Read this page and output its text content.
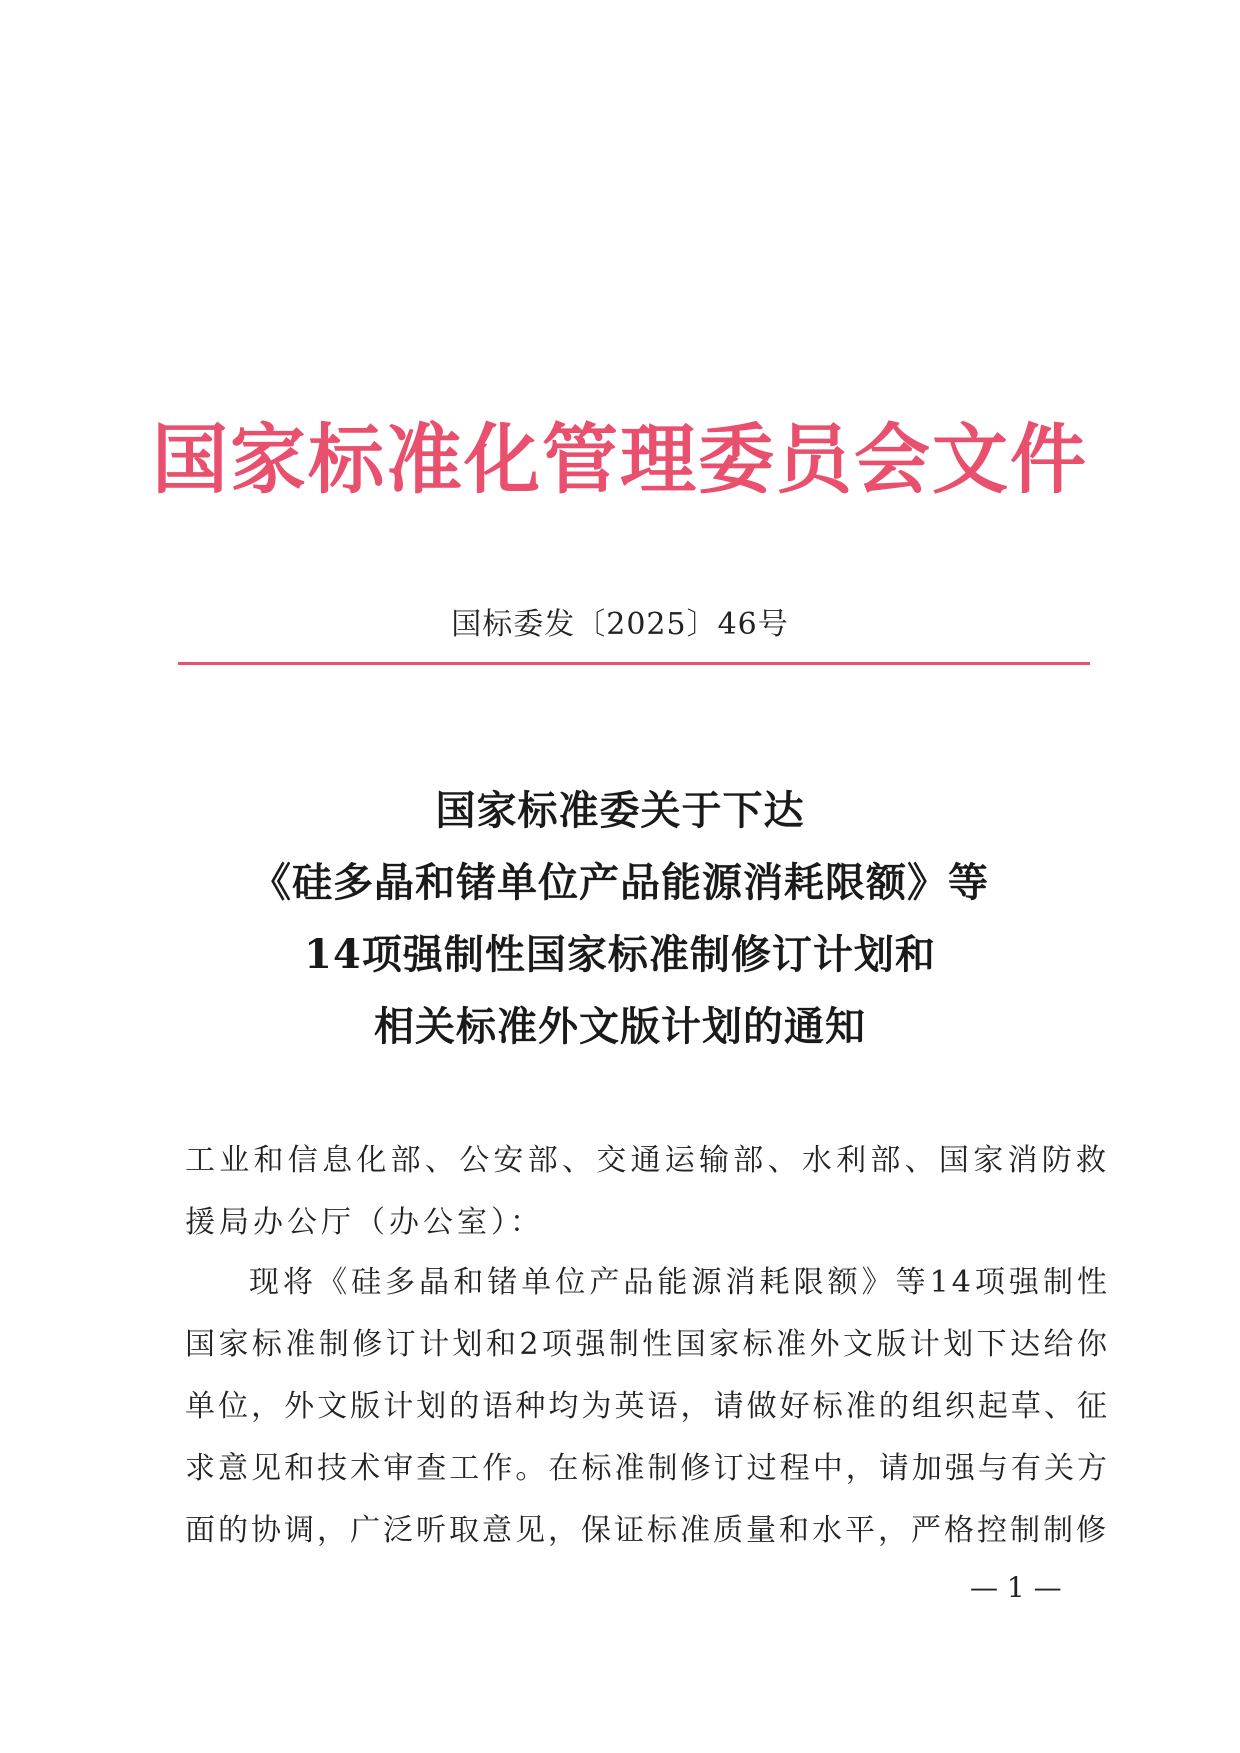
国家标准化管理委员会文件
国标委发〔2025〕46号
国家标准委关于下达
《硅多晶和锗单位产品能源消耗限额》等
14项强制性国家标准制修订计划和
相关标准外文版计划的通知
工业和信息化部、公安部、交通运输部、水利部、国家消防救援局办公厅（办公室）：
现将《硅多晶和锗单位产品能源消耗限额》等14项强制性国家标准制修订计划和2项强制性国家标准外文版计划下达给你单位，外文版计划的语种均为英语，请做好标准的组织起草、征求意见和技术审查工作。在标准制修订过程中，请加强与有关方面的协调，广泛听取意见，保证标准质量和水平，严格控制制修
— 1 —
